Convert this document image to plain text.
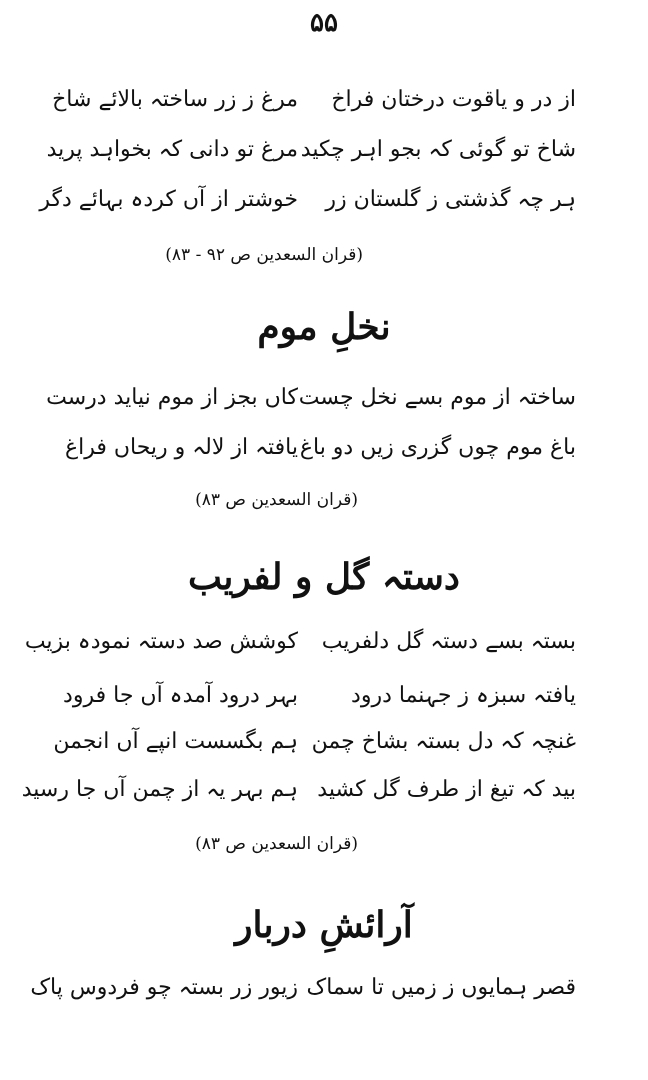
۵۵
از در و یاقوت درختان فراخ
مرغ ز زر ساختہ بالائے شاخ
شاخ تو گوئی کہ بجو اہر چکید
مرغ تو دانی کہ بخواہد پرید
ہر چہ گذشتی ز گلستان زر
خوشتر از آں کردہ بہائے دگر
(قران السعدین ص ۹۲ - ۸۳)
نخلِ موم
ساختہ از موم بسے نخل چست
کاں بجز از موم نیاید درست
باغ موم چوں گزری زیں دو باغ
یافتہ از لالہ و ریحاں فراغ
(قران السعدین ص ۸۳)
دستہ گل و لفریب
بستہ بسے دستہ گل دلفریب
کوشش صد دستہ نمودہ بزیب
یافتہ سبزہ ز جہنما درود
بہر درود آمدہ آں جا فرود
غنچہ کہ دل بستہ بشاخ چمن
ہم بگسست انپے آں انجمن
بید کہ تیغ از طرف گل کشید
ہم بہر یہ از چمن آں جا رسید
(قران السعدین ص ۸۳)
آرائشِ دربار
قصر ہمایوں ز زمیں تا سماک
زیور زر بستہ چو فردوس پاک
